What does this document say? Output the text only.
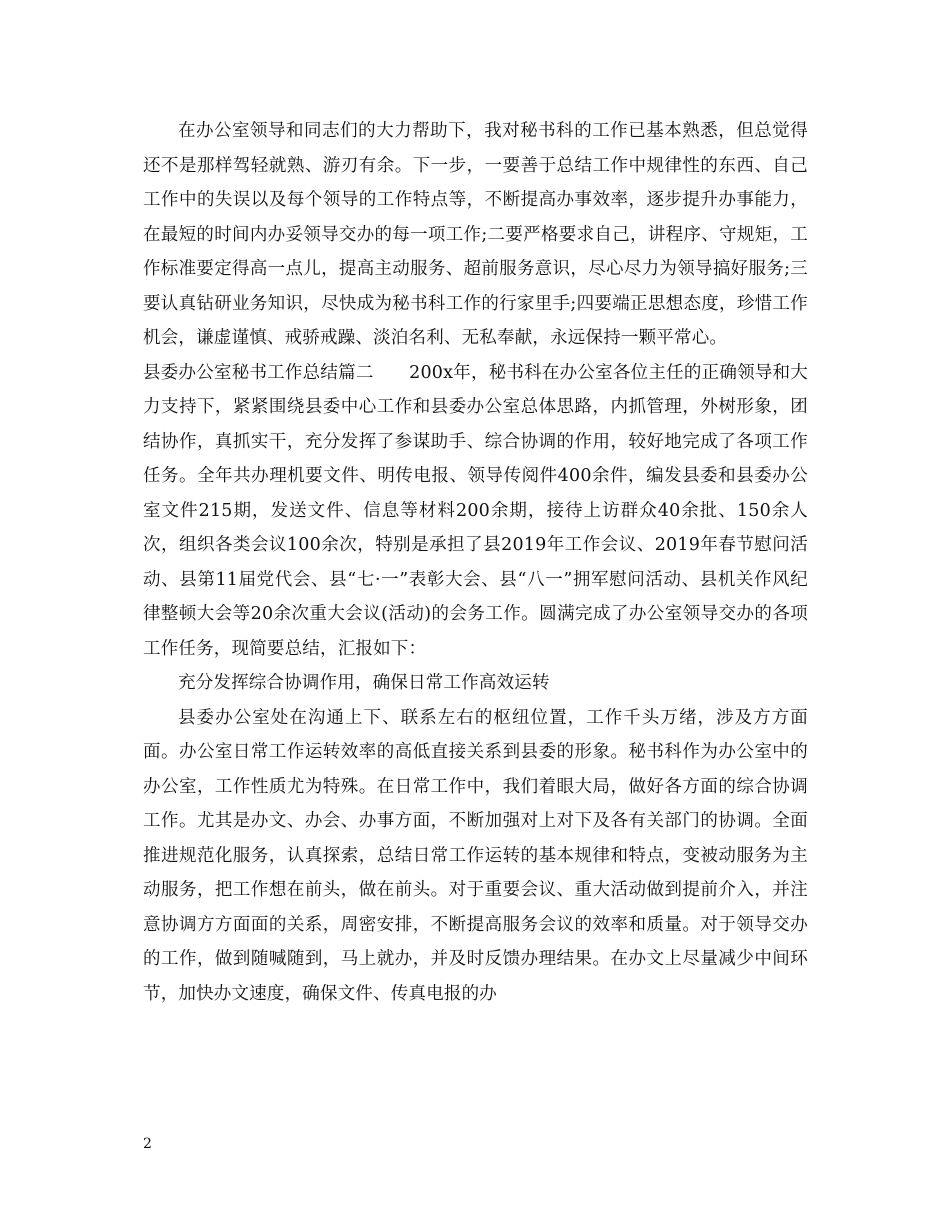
在办公室领导和同志们的大力帮助下，我对秘书科的工作已基本熟悉，但总觉得还不是那样驾轻就熟、游刃有余。下一步，一要善于总结工作中规律性的东西、自己工作中的失误以及每个领导的工作特点等，不断提高办事效率，逐步提升办事能力，在最短的时间内办妥领导交办的每一项工作;二要严格要求自己，讲程序、守规矩，工作标准要定得高一点儿，提高主动服务、超前服务意识，尽心尽力为领导搞好服务;三要认真钻研业务知识，尽快成为秘书科工作的行家里手;四要端正思想态度，珍惜工作机会，谦虚谨慎、戒骄戒躁、淡泊名利、无私奉献，永远保持一颗平常心。

县委办公室秘书工作总结篇二　　200x年，秘书科在办公室各位主任的正确领导和大力支持下，紧紧围绕县委中心工作和县委办公室总体思路，内抓管理，外树形象，团结协作，真抓实干，充分发挥了参谋助手、综合协调的作用，较好地完成了各项工作任务。全年共办理机要文件、明传电报、领导传阅件400余件，编发县委和县委办公室文件215期，发送文件、信息等材料200余期，接待上访群众40余批、150余人次，组织各类会议100余次，特别是承担了县2019年工作会议、2019年春节慰问活动、县第11届党代会、县“七·一”表彰大会、县“八一”拥军慰问活动、县机关作风纪律整顿大会等20余次重大会议(活动)的会务工作。圆满完成了办公室领导交办的各项工作任务，现简要总结，汇报如下：

充分发挥综合协调作用，确保日常工作高效运转

县委办公室处在沟通上下、联系左右的枢纽位置，工作千头万绪，涉及方方面面。办公室日常工作运转效率的高低直接关系到县委的形象。秘书科作为办公室中的办公室，工作性质尤为特殊。在日常工作中，我们着眼大局，做好各方面的综合协调工作。尤其是办文、办会、办事方面，不断加强对上对下及各有关部门的协调。全面推进规范化服务，认真探索，总结日常工作运转的基本规律和特点，变被动服务为主动服务，把工作想在前头，做在前头。对于重要会议、重大活动做到提前介入，并注意协调方方面面的关系，周密安排，不断提高服务会议的效率和质量。对于领导交办的工作，做到随喊随到，马上就办，并及时反馈办理结果。在办文上尽量减少中间环节，加快办文速度，确保文件、传真电报的办

2
